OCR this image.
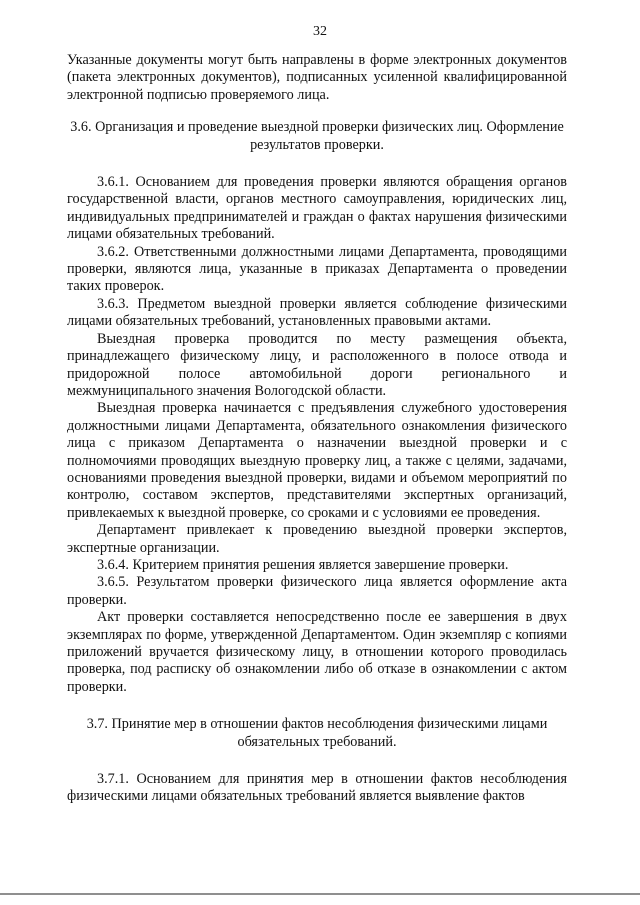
32

Указанные документы могут быть направлены в форме электронных документов (пакета электронных документов), подписанных усиленной квалифицированной электронной подписью проверяемого лица.

3.6. Организация и проведение выездной проверки физических лиц. Оформление результатов проверки.

3.6.1. Основанием для проведения проверки являются обращения органов государственной власти, органов местного самоуправления, юридических лиц, индивидуальных предпринимателей и граждан о фактах нарушения физическими лицами обязательных требований.

3.6.2. Ответственными должностными лицами Департамента, проводящими проверки, являются лица, указанные в приказах Департамента о проведении таких проверок.

3.6.3. Предметом выездной проверки является соблюдение физическими лицами обязательных требований, установленных правовыми актами.

Выездная проверка проводится по месту размещения объекта, принадлежащего физическому лицу, и расположенного в полосе отвода и придорожной полосе автомобильной дороги регионального и межмуниципального значения Вологодской области.

Выездная проверка начинается с предъявления служебного удостоверения должностными лицами Департамента, обязательного ознакомления физического лица с приказом Департамента о назначении выездной проверки и с полномочиями проводящих выездную проверку лиц, а также с целями, задачами, основаниями проведения выездной проверки, видами и объемом мероприятий по контролю, составом экспертов, представителями экспертных организаций, привлекаемых к выездной проверке, со сроками и с условиями ее проведения.

Департамент привлекает к проведению выездной проверки экспертов, экспертные организации.

3.6.4. Критерием принятия решения является завершение проверки.

3.6.5. Результатом проверки физического лица является оформление акта проверки.

Акт проверки составляется непосредственно после ее завершения в двух экземплярах по форме, утвержденной Департаментом. Один экземпляр с копиями приложений вручается физическому лицу, в отношении которого проводилась проверка, под расписку об ознакомлении либо об отказе в ознакомлении с актом проверки.

3.7. Принятие мер в отношении фактов несоблюдения физическими лицами обязательных требований.

3.7.1. Основанием для принятия мер в отношении фактов несоблюдения физическими лицами обязательных требований является выявление фактов
